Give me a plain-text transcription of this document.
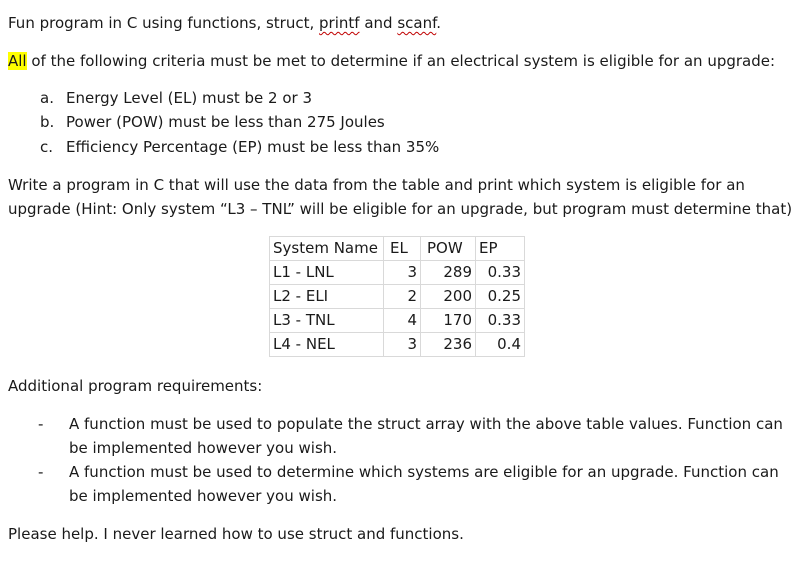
Fun program in C using functions, struct, printf and scanf.
All of the following criteria must be met to determine if an electrical system is eligible for an upgrade:
a. Energy Level (EL) must be 2 or 3
b. Power (POW) must be less than 275 Joules
c. Efficiency Percentage (EP) must be less than 35%
Write a program in C that will use the data from the table and print which system is eligible for an
upgrade (Hint: Only system “L3 – TNL” will be eligible for an upgrade, but program must determine that)
System Name	EL	POW	EP
L1 - LNL	3	289	0.33
L2 - ELI	2	200	0.25
L3 - TNL	4	170	0.33
L4 - NEL	3	236	0.4
Additional program requirements:
- A function must be used to populate the struct array with the above table values. Function can
be implemented however you wish.
- A function must be used to determine which systems are eligible for an upgrade. Function can
be implemented however you wish.
Please help. I never learned how to use struct and functions.
